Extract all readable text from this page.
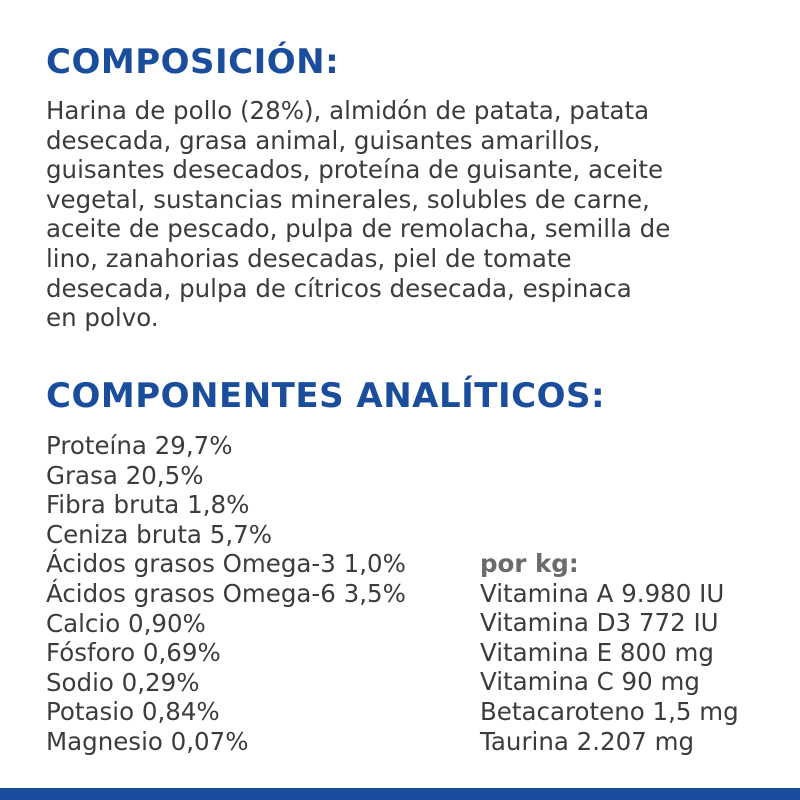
COMPOSICIÓN:

Harina de pollo (28%), almidón de patata, patata
desecada, grasa animal, guisantes amarillos,
guisantes desecados, proteína de guisante, aceite
vegetal, sustancias minerales, solubles de carne,
aceite de pescado, pulpa de remolacha, semilla de
lino, zanahorias desecadas, piel de tomate
desecada, pulpa de cítricos desecada, espinaca
en polvo.

COMPONENTES ANALÍTICOS:
Proteína 29,7%
Grasa 20,5%
Fibra bruta 1,8%
Ceniza bruta 5,7%
Ácidos grasos Omega-3 1,0%
Ácidos grasos Omega-6 3,5%
Calcio 0,90%
Fósforo 0,69%
Sodio 0,29%
Potasio 0,84%
Magnesio 0,07%
por kg:
Vitamina A 9.980 IU
Vitamina D3 772 IU
Vitamina E 800 mg
Vitamina C 90 mg
Betacaroteno 1,5 mg
Taurina 2.207 mg
